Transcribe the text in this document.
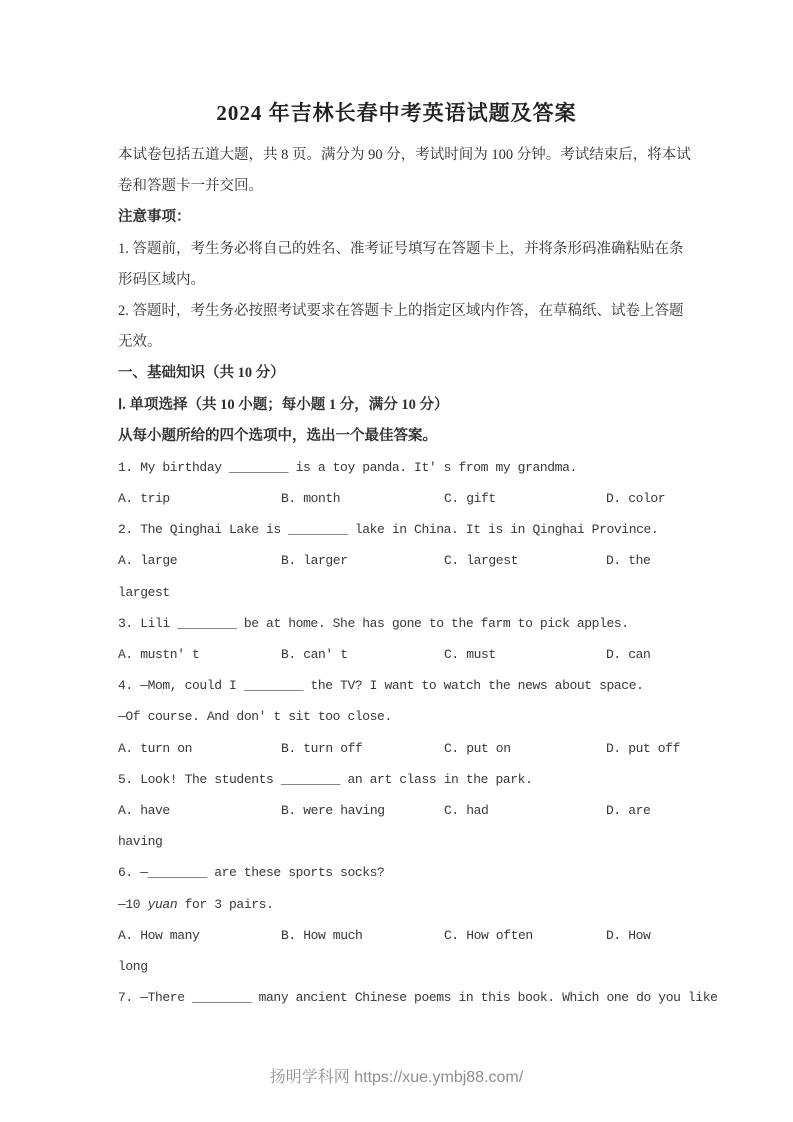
2024 年吉林长春中考英语试题及答案
本试卷包括五道大题，共 8 页。满分为 90 分，考试时间为 100 分钟。考试结束后，将本试
卷和答题卡一并交回。
注意事项：
1. 答题前，考生务必将自己的姓名、准考证号填写在答题卡上，并将条形码准确粘贴在条
形码区域内。
2. 答题时，考生务必按照考试要求在答题卡上的指定区域内作答，在草稿纸、试卷上答题
无效。
一、基础知识（共 10 分）
Ⅰ. 单项选择（共 10 小题；每小题 1 分，满分 10 分）
从每小题所给的四个选项中，选出一个最佳答案。
1. My birthday ________ is a toy panda. It' s from my grandma.
A. trip	B. month	C. gift	D. color
2. The Qinghai Lake is ________ lake in China. It is in Qinghai Province.
A. large	B. larger	C. largest	D. the
largest
3. Lili ________ be at home. She has gone to the farm to pick apples.
A. mustn' t	B. can' t	C. must	D. can
4. —Mom, could I ________ the TV? I want to watch the news about space.
—Of course. And don' t sit too close.
A. turn on	B. turn off	C. put on	D. put off
5. Look! The students ________ an art class in the park.
A. have	B. were having	C. had	D. are
having
6. —________ are these sports socks?
—10 yuan for 3 pairs.
A. How many	B. How much	C. How often	D. How
long
7. —There ________ many ancient Chinese poems in this book. Which one do you like
扬明学科网 https://xue.ymbj88.com/
